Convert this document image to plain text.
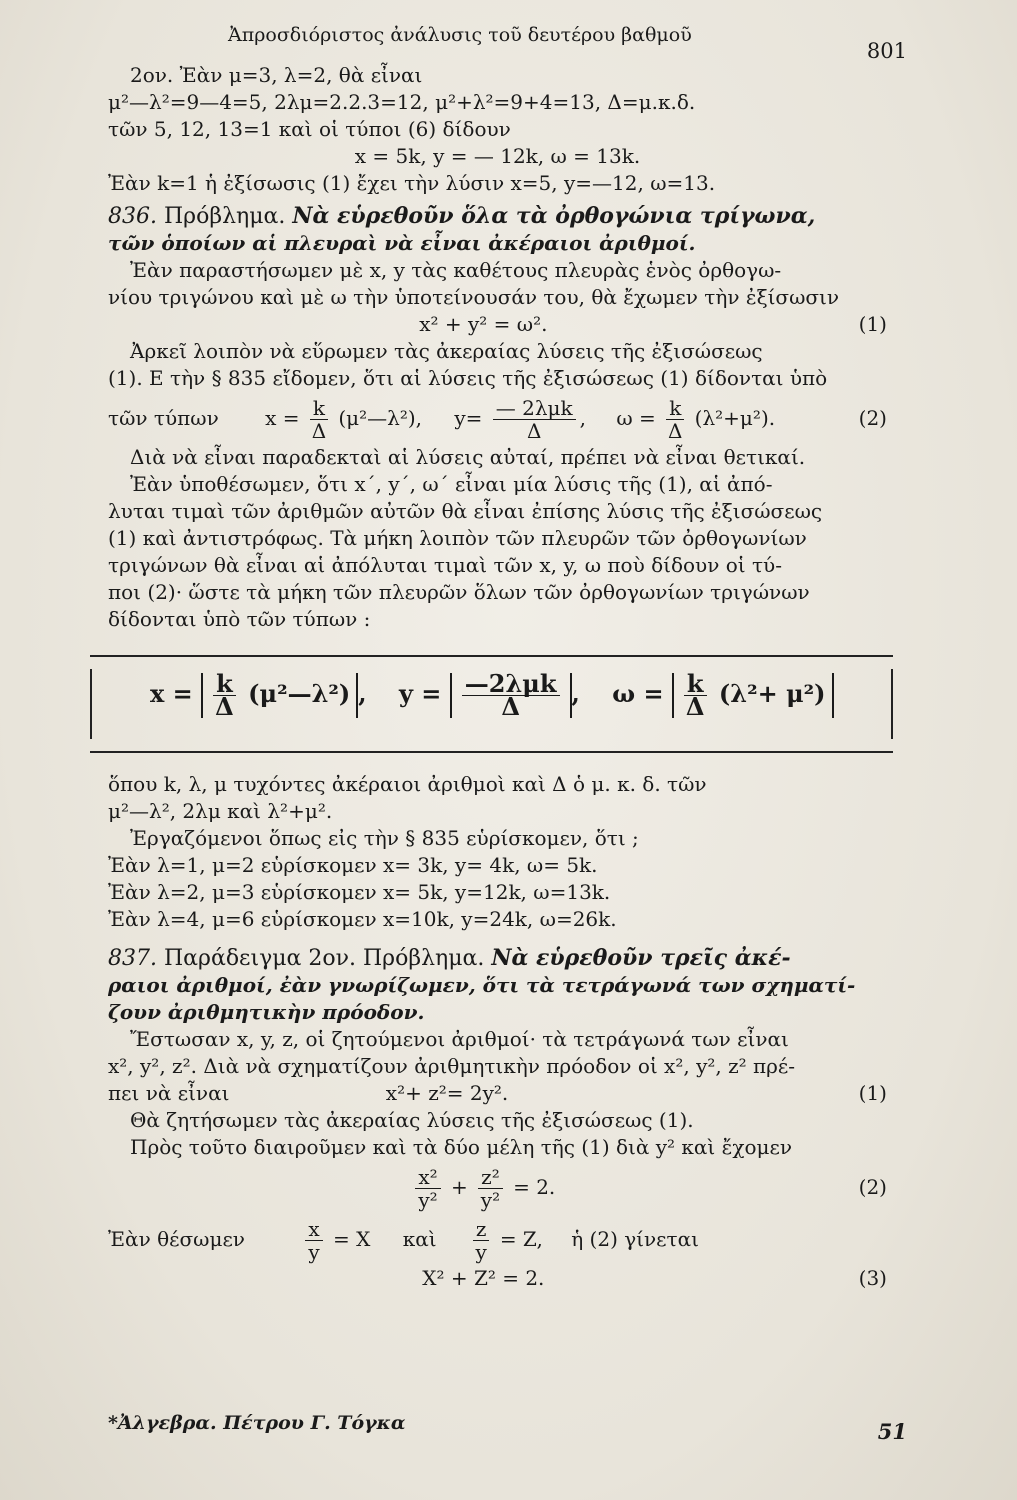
Ἀπροσδιόριστος ἀνάλυσις τοῦ δευτέρου βαθμοῦ
801
2ον. Ἐὰν μ=3, λ=2, θὰ εἶναι
μ²—λ²=9—4=5, 2λμ=2.2.3=12, μ²+λ²=9+4=13, Δ=μ.κ.δ.
τῶν 5, 12, 13=1 καὶ οἱ τύποι (6) δίδουν
x = 5k, y = — 12k, ω = 13k.
Ἐὰν k=1 ἡ ἐξίσωσις (1) ἔχει τὴν λύσιν x=5, y=—12, ω=13.
836. Πρόβλημα. Νὰ εὑρεθοῦν ὅλα τὰ ὀρθογώνια τρίγωνα,
τῶν ὁποίων αἱ πλευραὶ νὰ εἶναι ἀκέραιοι ἀριθμοί.
Ἐὰν παραστήσωμεν μὲ x, y τὰς καθέτους πλευρὰς ἑνὸς ὀρθογω-
νίου τριγώνου καὶ μὲ ω τὴν ὑποτείνουσάν του, θὰ ἔχωμεν τὴν ἐξίσωσιν
x² + y² = ω².	(1)
Ἀρκεῖ λοιπὸν νὰ εὕρωμεν τὰς ἀκεραίας λύσεις τῆς ἐξισώσεως
(1). Ε τὴν § 835 εἴδομεν, ὅτι αἱ λύσεις τῆς ἐξισώσεως (1) δίδονται ὑπὸ
τῶν τύπων $x = \frac{k}{\Delta}$ (μ²—λ²), $y= \frac{\text{— 2λμk}}{\Delta}$ , $\omega = \frac{k}{\Delta} (\lambda^2+\mu^2)$.	(2)
Διὰ νὰ εἶναι παραδεκταὶ αἱ λύσεις αὐταί, πρέπει νὰ εἶναι θετικαί.
Ἐὰν ὑποθέσωμεν, ὅτι x΄, y΄, ω΄ εἶναι μία λύσις τῆς (1), αἱ ἀπό-
λυται τιμαὶ τῶν ἀριθμῶν αὐτῶν θὰ εἶναι ἐπίσης λύσις τῆς ἐξισώσεως
(1) καὶ ἀντιστρόφως. Τὰ μήκη λοιπὸν τῶν πλευρῶν τῶν ὀρθογωνίων
τριγώνων θὰ εἶναι αἱ ἀπόλυται τιμαὶ τῶν x, y, ω ποὺ δίδουν οἱ τύ-
ποι (2)· ὥστε τὰ μήκη τῶν πλευρῶν ὅλων τῶν ὀρθογωνίων τριγώνων
δίδονται ὑπὸ τῶν τύπων :
$x = \frac{k}{\Delta}$ (μ²—λ²) , $y = \frac{\text{—2λμk}}{\Delta}$ , $\omega = \frac{k}{\Delta} (\lambda^2+ \mu^2)$
ὅπου k, λ, μ τυχόντες ἀκέραιοι ἀριθμοὶ καὶ Δ ὁ μ. κ. δ. τῶν
μ²—λ², 2λμ καὶ λ²+μ².
Ἐργαζόμενοι ὅπως εἰς τὴν § 835 εὑρίσκομεν, ὅτι ;
Ἐὰν λ=1, μ=2 εὑρίσκομεν x= 3k, y= 4k, ω= 5k.
Ἐὰν λ=2, μ=3 εὑρίσκομεν x= 5k, y=12k, ω=13k.
Ἐὰν λ=4, μ=6 εὑρίσκομεν x=10k, y=24k, ω=26k.
837. Παράδειγμα 2ον. Πρόβλημα. Νὰ εὑρεθοῦν τρεῖς ἀκέ-
ραιοι ἀριθμοί, ἐὰν γνωρίζωμεν, ὅτι τὰ τετράγωνά των σχηματί-
ζουν ἀριθμητικὴν πρόοδον.
Ἔστωσαν x, y, z, οἱ ζητούμενοι ἀριθμοί· τὰ τετράγωνά των εἶναι
x², y², z². Διὰ νὰ σχηματίζουν ἀριθμητικὴν πρόοδον οἱ x², y², z² πρέ-
πει νὰ εἶναι	x²+ z²= 2y².	(1)
Θὰ ζητήσωμεν τὰς ἀκεραίας λύσεις τῆς ἐξισώσεως (1).
Πρὸς τοῦτο διαιροῦμεν καὶ τὰ δύο μέλη τῆς (1) διὰ y² καὶ ἔχομεν
$\frac{\text{x²}}{\text{y²}} + \frac{\text{z²}}{\text{y²}} = 2$.	(2)
Ἐὰν θέσωμεν $\frac{x}{y} = X$ καὶ $\frac{z}{y} = Z$, ἡ (2) γίνεται
X² + Z² = 2.	(3)
*Ἀλγεβρα. Πέτρου Γ. Τόγκα	51
